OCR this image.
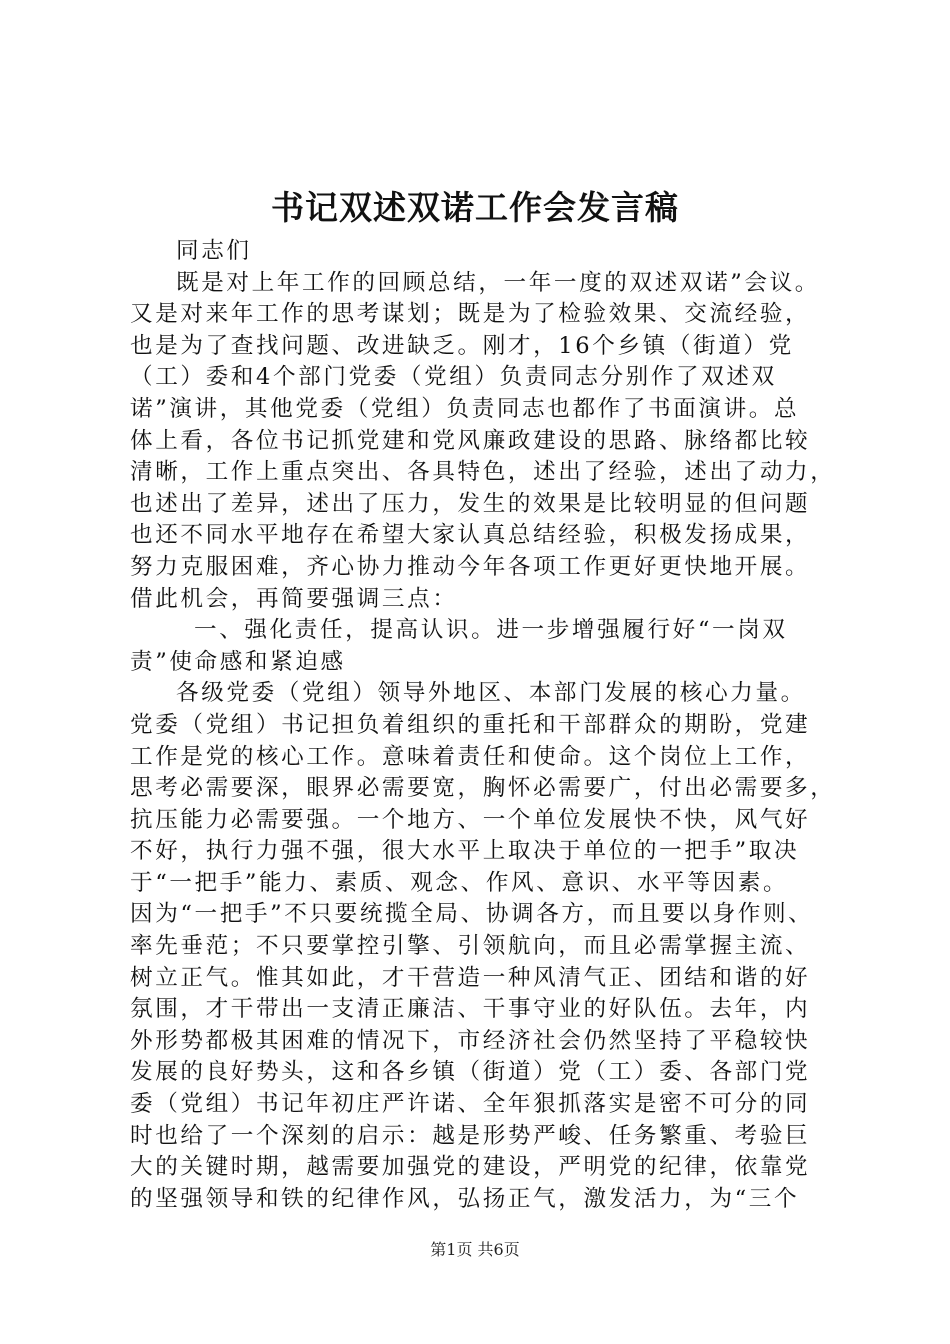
书记双述双诺工作会发言稿
同志们
既是对上年工作的回顾总结，一年一度的双述双诺”会议。
又是对来年工作的思考谋划；既是为了检验效果、交流经验，
也是为了查找问题、改进缺乏。刚才，16个乡镇（街道）党
（工）委和4个部门党委（党组）负责同志分别作了双述双
诺”演讲，其他党委（党组）负责同志也都作了书面演讲。总
体上看，各位书记抓党建和党风廉政建设的思路、脉络都比较
清晰，工作上重点突出、各具特色，述出了经验，述出了动力，
也述出了差异，述出了压力，发生的效果是比较明显的但问题
也还不同水平地存在希望大家认真总结经验，积极发扬成果，
努力克服困难，齐心协力推动今年各项工作更好更快地开展。
借此机会，再简要强调三点：
一、强化责任，提高认识。进一步增强履行好“一岗双
责”使命感和紧迫感
各级党委（党组）领导外地区、本部门发展的核心力量。
党委（党组）书记担负着组织的重托和干部群众的期盼，党建
工作是党的核心工作。意味着责任和使命。这个岗位上工作，
思考必需要深，眼界必需要宽，胸怀必需要广，付出必需要多，
抗压能力必需要强。一个地方、一个单位发展快不快，风气好
不好，执行力强不强，很大水平上取决于单位的一把手”取决
于“一把手”能力、素质、观念、作风、意识、水平等因素。
因为“一把手”不只要统揽全局、协调各方，而且要以身作则、
率先垂范；不只要掌控引擎、引领航向，而且必需掌握主流、
树立正气。惟其如此，才干营造一种风清气正、团结和谐的好
氛围，才干带出一支清正廉洁、干事守业的好队伍。去年，内
外形势都极其困难的情况下，市经济社会仍然坚持了平稳较快
发展的良好势头，这和各乡镇（街道）党（工）委、各部门党
委（党组）书记年初庄严许诺、全年狠抓落实是密不可分的同
时也给了一个深刻的启示：越是形势严峻、任务繁重、考验巨
大的关键时期，越需要加强党的建设，严明党的纪律，依靠党
的坚强领导和铁的纪律作风，弘扬正气，激发活力，为“三个
第1页 共6页
